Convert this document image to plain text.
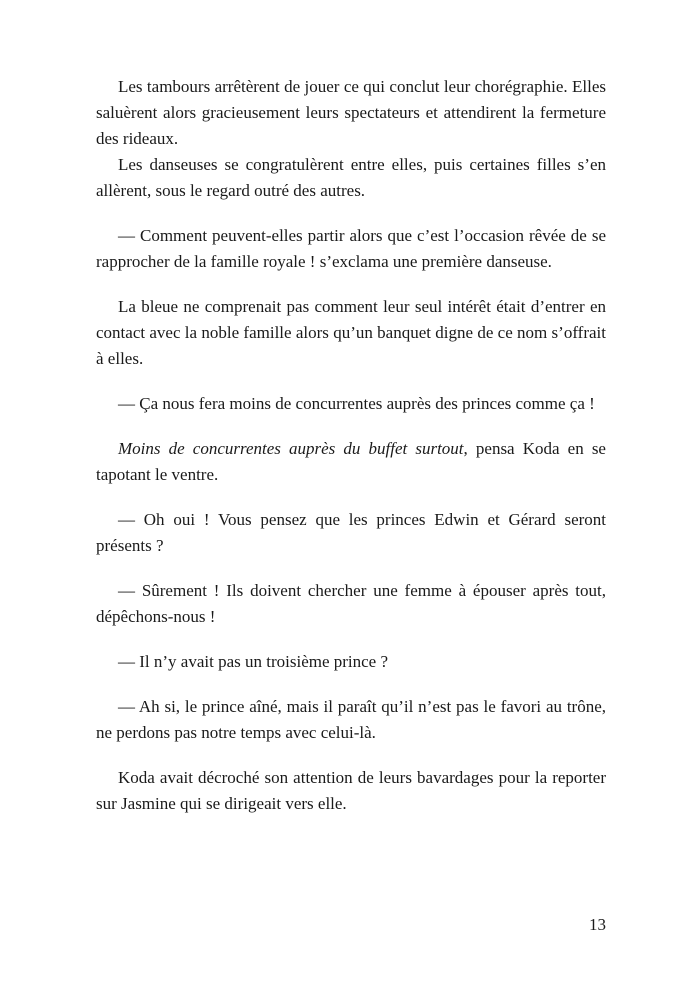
Les tambours arrêtèrent de jouer ce qui conclut leur chorégraphie. Elles saluèrent alors gracieusement leurs spectateurs et attendirent la fermeture des rideaux.

Les danseuses se congratulèrent entre elles, puis certaines filles s’en allèrent, sous le regard outré des autres.

— Comment peuvent-elles partir alors que c’est l’occasion rêvée de se rapprocher de la famille royale ! s’exclama une première danseuse.

La bleue ne comprenait pas comment leur seul intérêt était d’entrer en contact avec la noble famille alors qu’un banquet digne de ce nom s’offrait à elles.

— Ça nous fera moins de concurrentes auprès des princes comme ça !

Moins de concurrentes auprès du buffet surtout, pensa Koda en se tapotant le ventre.

— Oh oui ! Vous pensez que les princes Edwin et Gérard seront présents ?

— Sûrement ! Ils doivent chercher une femme à épouser après tout, dépêchons-nous !

— Il n’y avait pas un troisième prince ?

— Ah si, le prince aîné, mais il paraît qu’il n’est pas le favori au trône, ne perdons pas notre temps avec celui-là.

Koda avait décroché son attention de leurs bavardages pour la reporter sur Jasmine qui se dirigeait vers elle.

13
